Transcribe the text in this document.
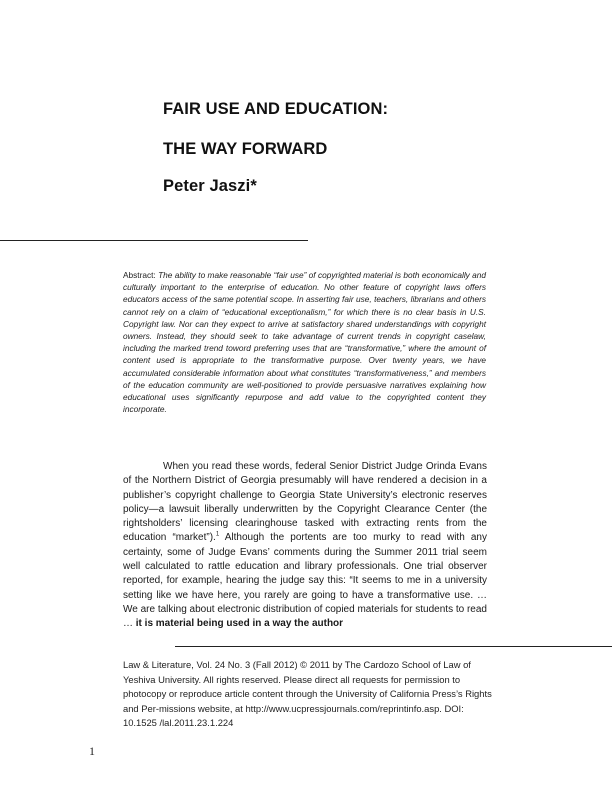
FAIR USE AND EDUCATION:
THE WAY FORWARD
Peter Jaszi*
Abstract: The ability to make reasonable “fair use” of copyrighted material is both economically and culturally important to the enterprise of education. No other feature of copyright laws offers educators access of the same potential scope. In asserting fair use, teachers, librarians and others cannot rely on a claim of “educational exceptionalism,” for which there is no clear basis in U.S. Copyright law. Nor can they expect to arrive at satisfactory shared understandings with copyright owners. Instead, they should seek to take advantage of current trends in copyright caselaw, including the marked trend toword preferring uses that are “transformative,” where the amount of content used is appropriate to the transformative purpose. Over twenty years, we have accumulated considerable information about what constitutes “transformativeness,” and members of the education community are well-positioned to provide persuasive narratives explaining how educational uses significantly repurpose and add value to the copyrighted content they incorporate.

When you read these words, federal Senior District Judge Orinda Evans of the Northern District of Georgia presumably will have rendered a decision in a publisher’s copyright challenge to Georgia State University’s electronic reserves policy—a lawsuit liberally underwritten by the Copyright Clearance Center (the rightsholders’ licensing clearinghouse tasked with extracting rents from the education “market”).$^1$ Although the portents are too murky to read with any certainty, some of Judge Evans’ comments during the Summer 2011 trial seem well calculated to rattle education and library professionals. One trial observer reported, for example, hearing the judge say this: “It seems to me in a university setting like we have here, you rarely are going to have a transformative use. … We are talking about electronic distribution of copied materials for students to read … it is material being used in a way the author

Law & Literature, Vol. 24 No. 3 (Fall 2012) © 2011 by The Cardozo School of Law of Yeshiva University. All rights reserved. Please direct all requests for permission to photocopy or reproduce article content through the University of California Press’s Rights and Per-missions website, at http://www.ucpressjournals.com/reprintinfo.asp. DOI: 10.1525 /lal.2011.23.1.224
1
